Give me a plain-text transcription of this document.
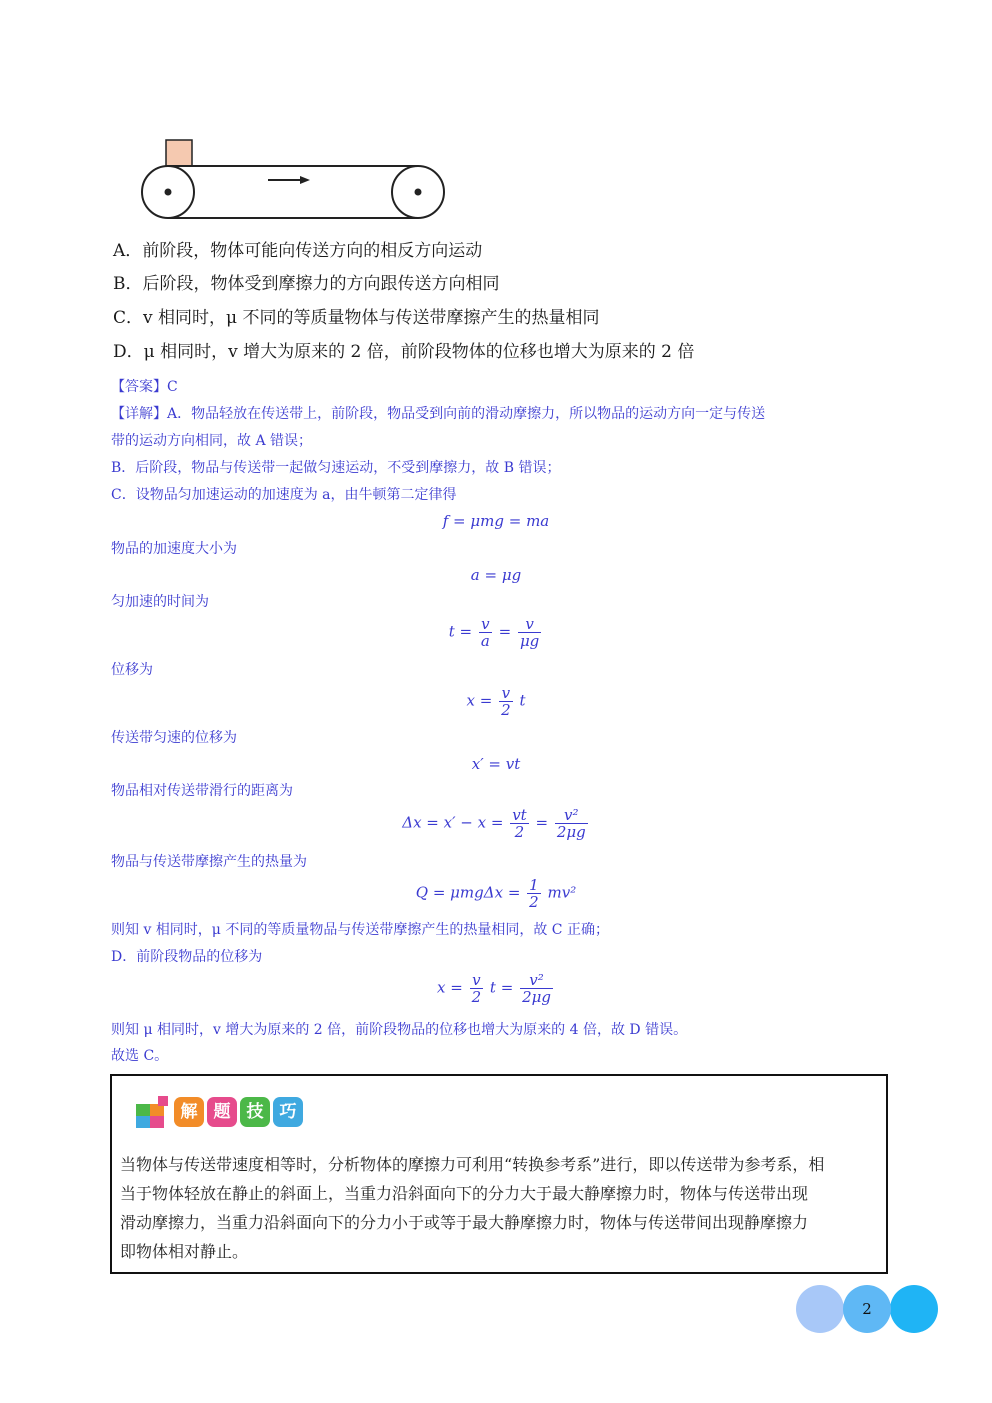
A．前阶段，物体可能向传送方向的相反方向运动
B．后阶段，物体受到摩擦力的方向跟传送方向相同
C．v 相同时，μ 不同的等质量物体与传送带摩擦产生的热量相同
D．μ 相同时，v 增大为原来的 2 倍，前阶段物体的位移也增大为原来的 2 倍
【答案】C
【详解】A．物品轻放在传送带上，前阶段，物品受到向前的滑动摩擦力，所以物品的运动方向一定与传送
带的运动方向相同，故 A 错误；
B．后阶段，物品与传送带一起做匀速运动，不受到摩擦力，故 B 错误；
C．设物品匀加速运动的加速度为 a，由牛顿第二定律得
f = μmg = ma
物品的加速度大小为
a = μg
匀加速的时间为
$t = \frac{v}{a} = \frac{v}{\mu g}$
位移为
$x = \frac{v}{2}$ t
传送带匀速的位移为
x′ = vt
物品相对传送带滑行的距离为
$\Delta x = x' - x = \frac{vt}{2} = \frac{\text{v²}}{2\mu g}$
物品与传送带摩擦产生的热量为
$Q = \mu mg\Delta x = \frac{1}{2} mv^2$
则知 v 相同时，μ 不同的等质量物品与传送带摩擦产生的热量相同，故 C 正确；
D．前阶段物品的位移为
$x = \frac{v}{2}$ $t = \frac{\text{v²}}{2\mu g}$
则知 μ 相同时，v 增大为原来的 2 倍，前阶段物品的位移也增大为原来的 4 倍，故 D 错误。
故选 C。
解 题 技 巧
当物体与传送带速度相等时，分析物体的摩擦力可利用“转换参考系”进行，即以传送带为参考系，相
当于物体轻放在静止的斜面上，当重力沿斜面向下的分力大于最大静摩擦力时，物体与传送带出现
滑动摩擦力，当重力沿斜面向下的分力小于或等于最大静摩擦力时，物体与传送带间出现静摩擦力
即物体相对静止。
2
